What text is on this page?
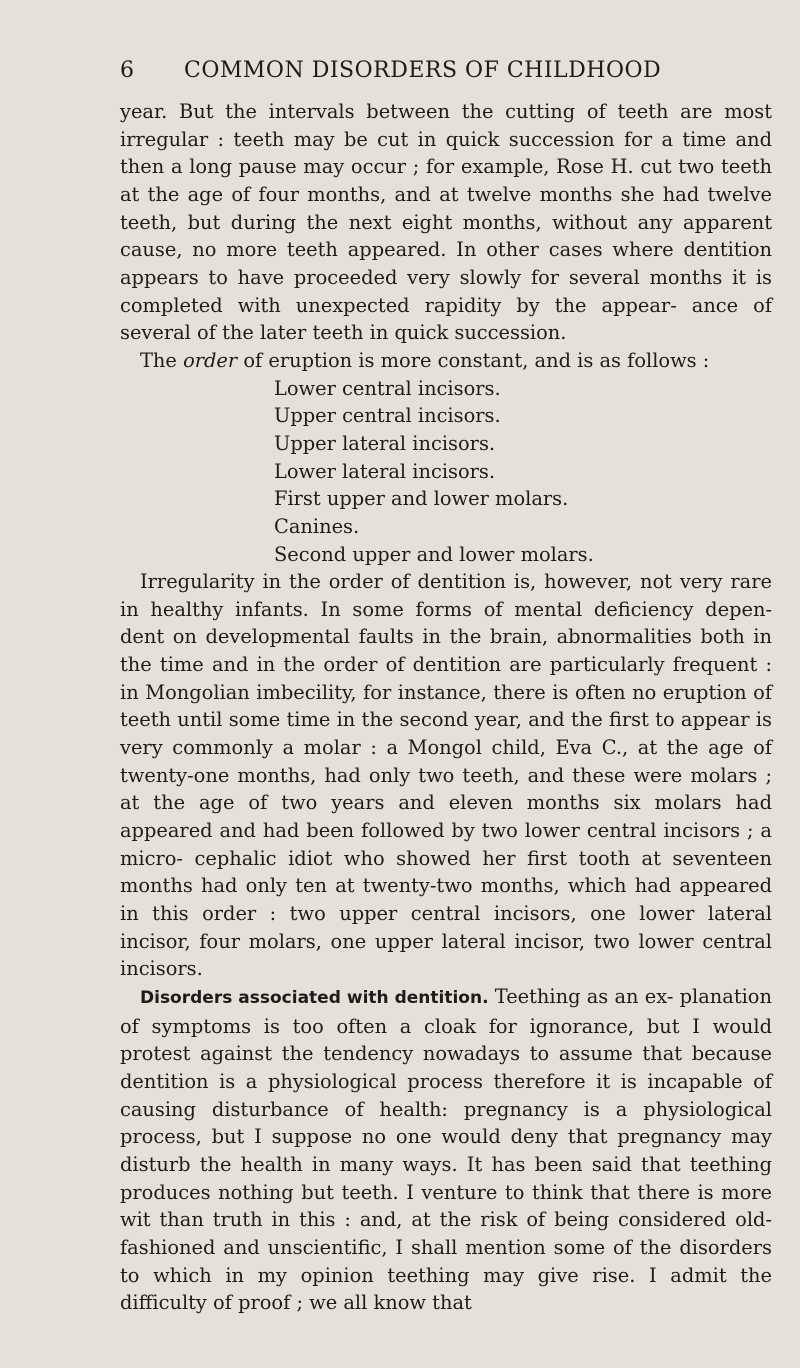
6 COMMON DISORDERS OF CHILDHOOD

year. But the intervals between the cutting of teeth are most irregular : teeth may be cut in quick succession for a time and then a long pause may occur ; for example, Rose H. cut two teeth at the age of four months, and at twelve months she had twelve teeth, but during the next eight months, without any apparent cause, no more teeth appeared. In other cases where dentition appears to have proceeded very slowly for several months it is completed with unexpected rapidity by the appear- ance of several of the later teeth in quick succession.

The order of eruption is more constant, and is as follows :

Lower central incisors.
Upper central incisors.
Upper lateral incisors.
Lower lateral incisors.
First upper and lower molars.
Canines.
Second upper and lower molars.

Irregularity in the order of dentition is, however, not very rare in healthy infants. In some forms of mental deficiency depen- dent on developmental faults in the brain, abnormalities both in the time and in the order of dentition are particularly frequent : in Mongolian imbecility, for instance, there is often no eruption of teeth until some time in the second year, and the first to appear is very commonly a molar : a Mongol child, Eva C., at the age of twenty-one months, had only two teeth, and these were molars ; at the age of two years and eleven months six molars had appeared and had been followed by two lower central incisors ; a micro- cephalic idiot who showed her first tooth at seventeen months had only ten at twenty-two months, which had appeared in this order : two upper central incisors, one lower lateral incisor, four molars, one upper lateral incisor, two lower central incisors.

Disorders associated with dentition. Teething as an ex- planation of symptoms is too often a cloak for ignorance, but I would protest against the tendency nowadays to assume that because dentition is a physiological process therefore it is incapable of causing disturbance of health: pregnancy is a physiological process, but I suppose no one would deny that pregnancy may disturb the health in many ways. It has been said that teething produces nothing but teeth. I venture to think that there is more wit than truth in this : and, at the risk of being considered old-fashioned and unscientific, I shall mention some of the disorders to which in my opinion teething may give rise. I admit the difficulty of proof ; we all know that
